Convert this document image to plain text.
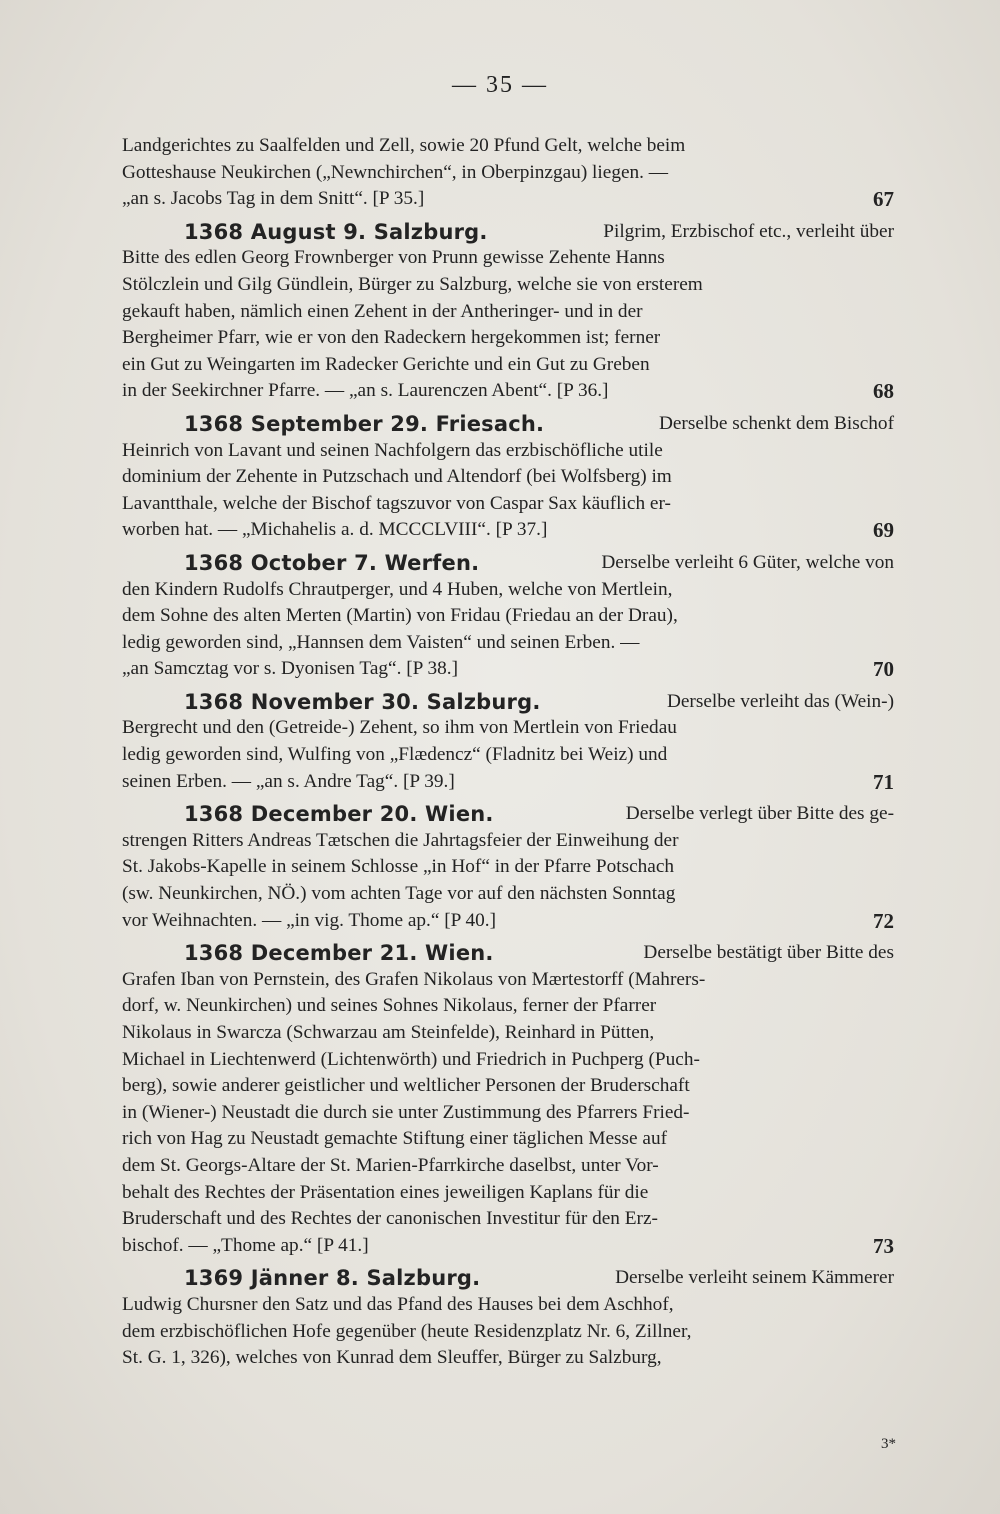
— 35 —
Landgerichtes zu Saalfelden und Zell, sowie 20 Pfund Gelt, welche beim
Gotteshause Neukirchen („Newnchirchen“, in Oberpinzgau) liegen. —
„an s. Jacobs Tag in dem Snitt“. [P 35.]	67
1368 August 9. Salzburg.	Pilgrim, Erzbischof etc., verleiht über
Bitte des edlen Georg Frownberger von Prunn gewisse Zehente Hanns
Stölczlein und Gilg Gündlein, Bürger zu Salzburg, welche sie von ersterem
gekauft haben, nämlich einen Zehent in der Antheringer- und in der
Bergheimer Pfarr, wie er von den Radeckern hergekommen ist; ferner
ein Gut zu Weingarten im Radecker Gerichte und ein Gut zu Greben
in der Seekirchner Pfarre. — „an s. Laurenczen Abent“. [P 36.]	68
1368 September 29. Friesach.	Derselbe schenkt dem Bischof
Heinrich von Lavant und seinen Nachfolgern das erzbischöfliche utile
dominium der Zehente in Putzschach und Altendorf (bei Wolfsberg) im
Lavantthale, welche der Bischof tagszuvor von Caspar Sax käuflich er-
worben hat. — „Michahelis a. d. MCCCLVIII“. [P 37.]	69
1368 October 7. Werfen.	Derselbe verleiht 6 Güter, welche von
den Kindern Rudolfs Chrautperger, und 4 Huben, welche von Mertlein,
dem Sohne des alten Merten (Martin) von Fridau (Friedau an der Drau),
ledig geworden sind, „Hannsen dem Vaisten“ und seinen Erben. —
„an Samcztag vor s. Dyonisen Tag“. [P 38.]	70
1368 November 30. Salzburg.	Derselbe verleiht das (Wein-)
Bergrecht und den (Getreide-) Zehent, so ihm von Mertlein von Friedau
ledig geworden sind, Wulfing von „Flædencz“ (Fladnitz bei Weiz) und
seinen Erben. — „an s. Andre Tag“. [P 39.]	71
1368 December 20. Wien.	Derselbe verlegt über Bitte des ge-
strengen Ritters Andreas Tætschen die Jahrtagsfeier der Einweihung der
St. Jakobs-Kapelle in seinem Schlosse „in Hof“ in der Pfarre Potschach
(sw. Neunkirchen, NÖ.) vom achten Tage vor auf den nächsten Sonntag
vor Weihnachten. — „in vig. Thome ap.“ [P 40.]	72
1368 December 21. Wien.	Derselbe bestätigt über Bitte des
Grafen Iban von Pernstein, des Grafen Nikolaus von Mærtestorff (Mahrers-
dorf, w. Neunkirchen) und seines Sohnes Nikolaus, ferner der Pfarrer
Nikolaus in Swarcza (Schwarzau am Steinfelde), Reinhard in Pütten,
Michael in Liechtenwerd (Lichtenwörth) und Friedrich in Puchperg (Puch-
berg), sowie anderer geistlicher und weltlicher Personen der Bruderschaft
in (Wiener-) Neustadt die durch sie unter Zustimmung des Pfarrers Fried-
rich von Hag zu Neustadt gemachte Stiftung einer täglichen Messe auf
dem St. Georgs-Altare der St. Marien-Pfarrkirche daselbst, unter Vor-
behalt des Rechtes der Präsentation eines jeweiligen Kaplans für die
Bruderschaft und des Rechtes der canonischen Investitur für den Erz-
bischof. — „Thome ap.“ [P 41.]	73
1369 Jänner 8. Salzburg.	Derselbe verleiht seinem Kämmerer
Ludwig Chursner den Satz und das Pfand des Hauses bei dem Aschhof,
dem erzbischöflichen Hofe gegenüber (heute Residenzplatz Nr. 6, Zillner,
St. G. 1, 326), welches von Kunrad dem Sleuffer, Bürger zu Salzburg,
3*
